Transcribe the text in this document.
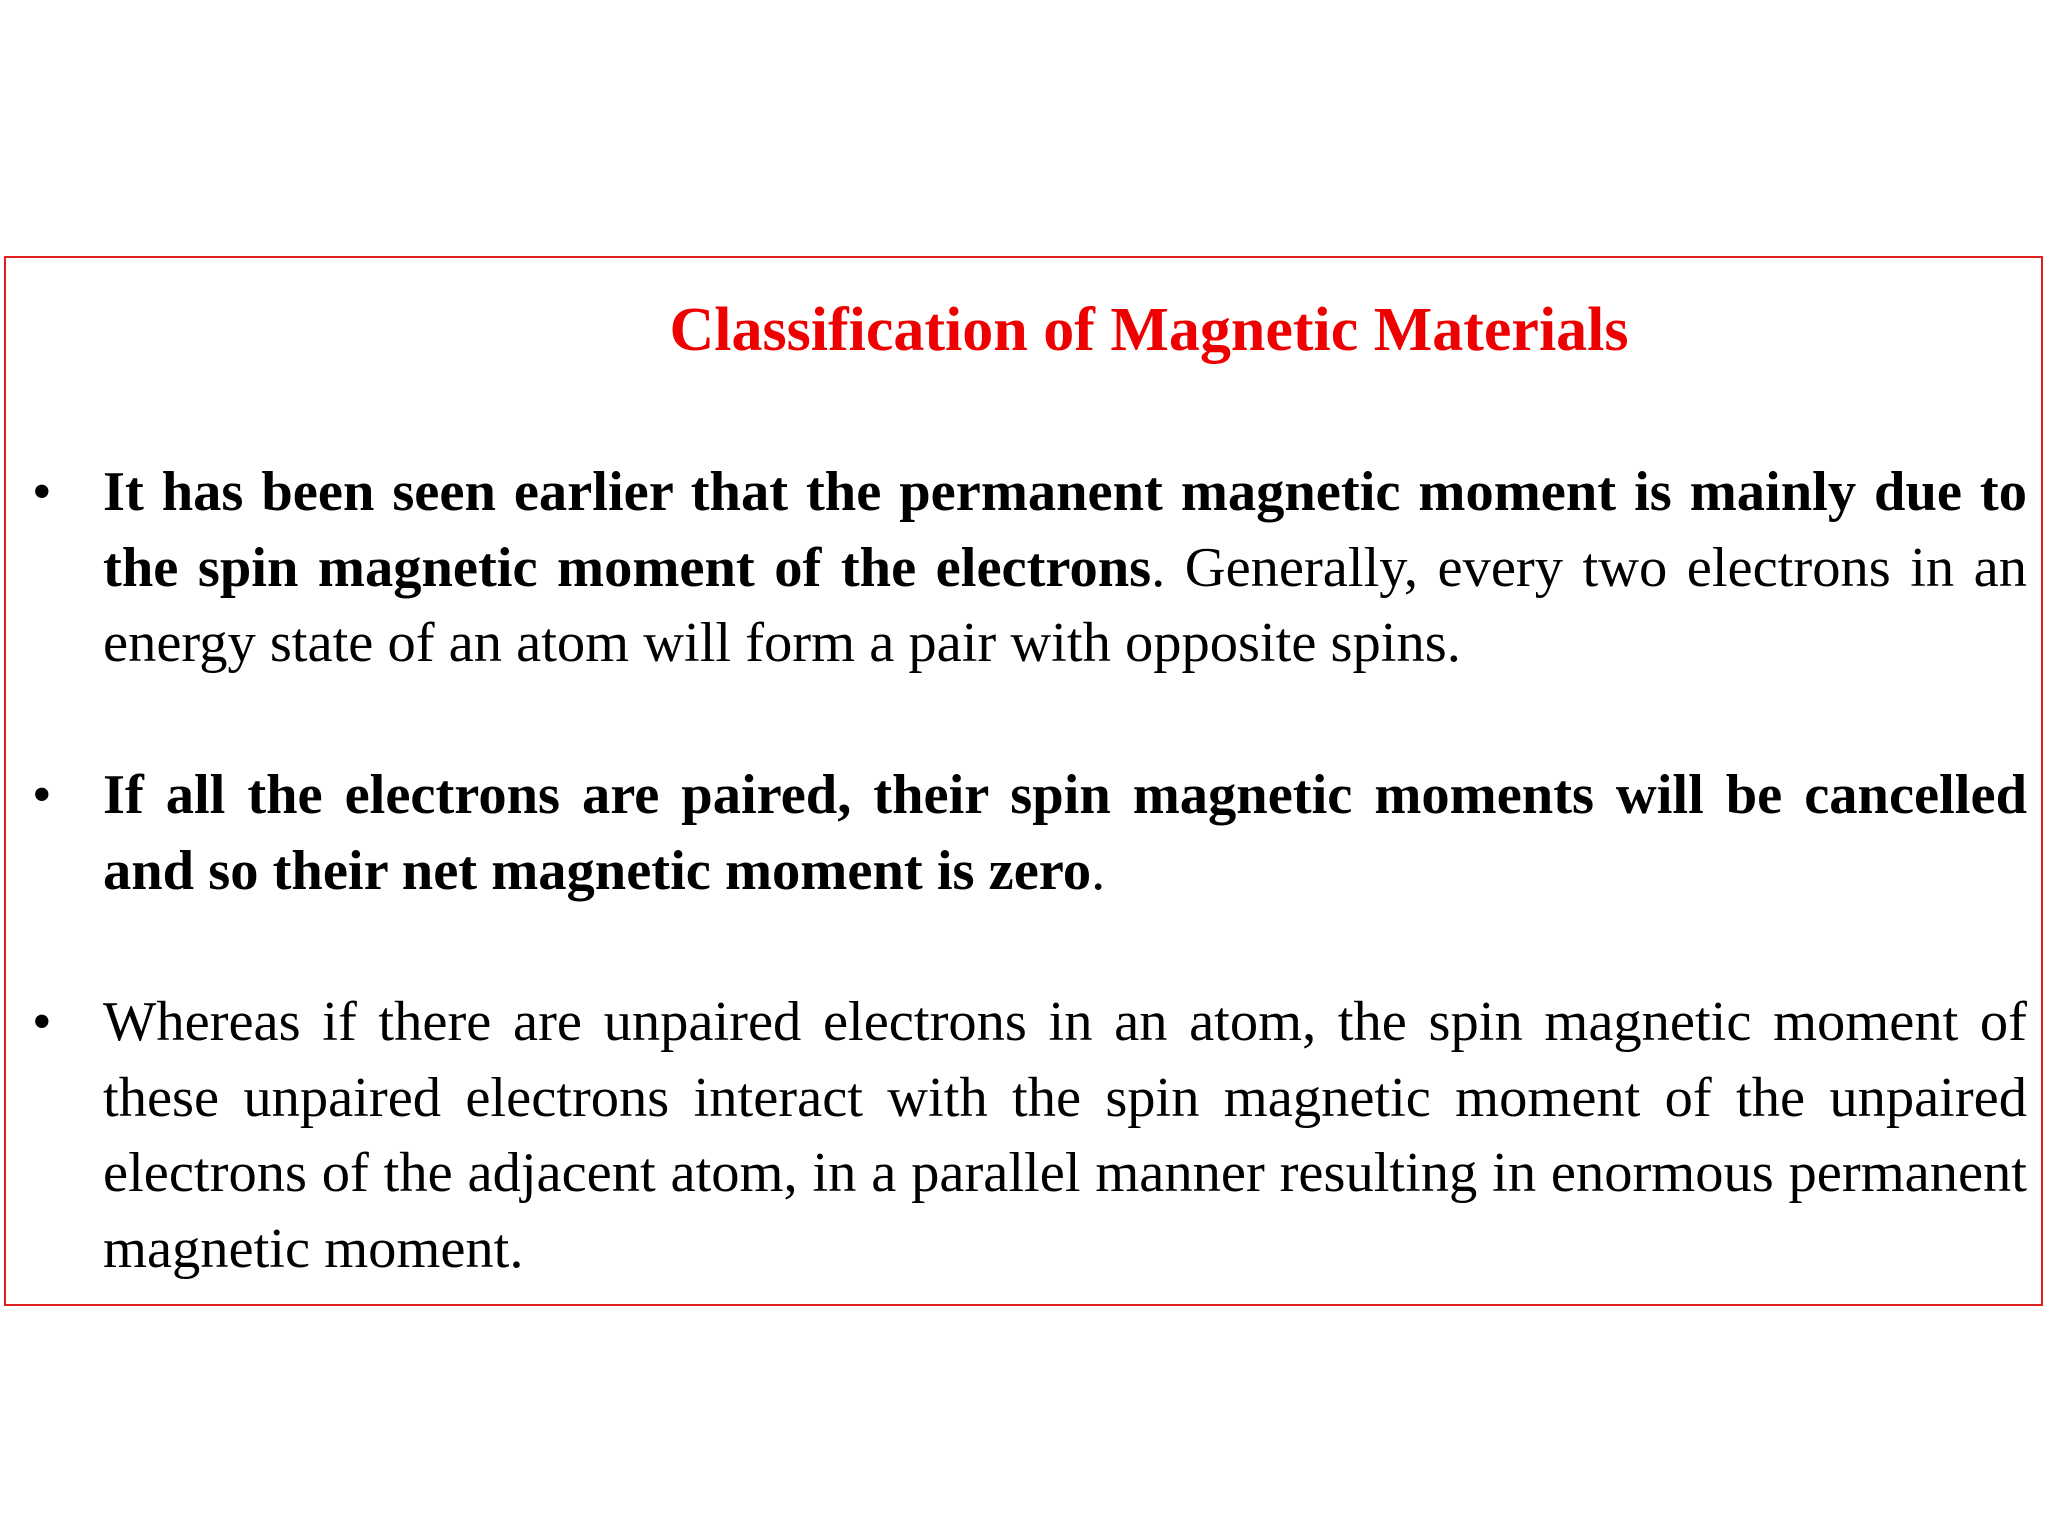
Classification of Magnetic Materials
• It has been seen earlier that the permanent magnetic moment is mainly due to the spin magnetic moment of the electrons. Generally, every two electrons in an energy state of an atom will form a pair with opposite spins.

• If all the electrons are paired, their spin magnetic moments will be cancelled and so their net magnetic moment is zero.

• Whereas if there are unpaired electrons in an atom, the spin magnetic moment of these unpaired electrons interact with the spin magnetic moment of the unpaired electrons of the adjacent atom, in a parallel manner resulting in enormous permanent magnetic moment.
